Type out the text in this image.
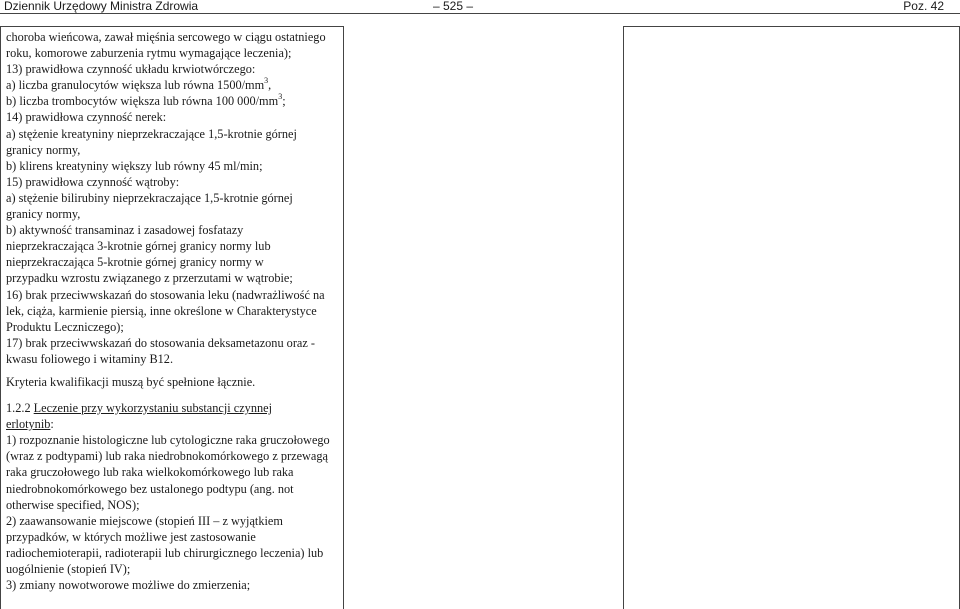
Dziennik Urzędowy Ministra Zdrowia	– 525 –	Poz. 42

choroba wieńcowa, zawał mięśnia sercowego w ciągu ostatniego

roku, komorowe zaburzenia rytmu wymagające leczenia);

13) prawidłowa czynność układu krwiotwórczego:

a) liczba granulocytów większa lub równa $1500/mm^3$,

b) liczba trombocytów większa lub równa 100 $000/mm^3$;

14) prawidłowa czynność nerek:

a) stężenie kreatyniny nieprzekraczające 1,5-krotnie górnej

granicy normy,

b) klirens kreatyniny większy lub równy 45 ml/min;

15) prawidłowa czynność wątroby:

a) stężenie bilirubiny nieprzekraczające 1,5-krotnie górnej

granicy normy,

b) aktywność transaminaz i zasadowej fosfatazy

nieprzekraczająca 3-krotnie górnej granicy normy lub

nieprzekraczająca 5-krotnie górnej granicy normy w

przypadku wzrostu związanego z przerzutami w wątrobie;

16) brak przeciwwskazań do stosowania leku (nadwrażliwość na

lek, ciąża, karmienie piersią, inne określone w Charakterystyce

Produktu Leczniczego);

17) brak przeciwwskazań do stosowania deksametazonu oraz -

kwasu foliowego i witaminy B12.

Kryteria kwalifikacji muszą być spełnione łącznie.

1.2.2 Leczenie przy wykorzystaniu substancji czynnej

erlotynib:

1) rozpoznanie histologiczne lub cytologiczne raka gruczołowego

(wraz z podtypami) lub raka niedrobnokomórkowego z przewagą

raka gruczołowego lub raka wielkokomórkowego lub raka

niedrobnokomórkowego bez ustalonego podtypu (ang. not

otherwise specified, NOS);

2) zaawansowanie miejscowe (stopień III – z wyjątkiem

przypadków, w których możliwe jest zastosowanie

radiochemioterapii, radioterapii lub chirurgicznego leczenia) lub

uogólnienie (stopień IV);

3) zmiany nowotworowe możliwe do zmierzenia;
